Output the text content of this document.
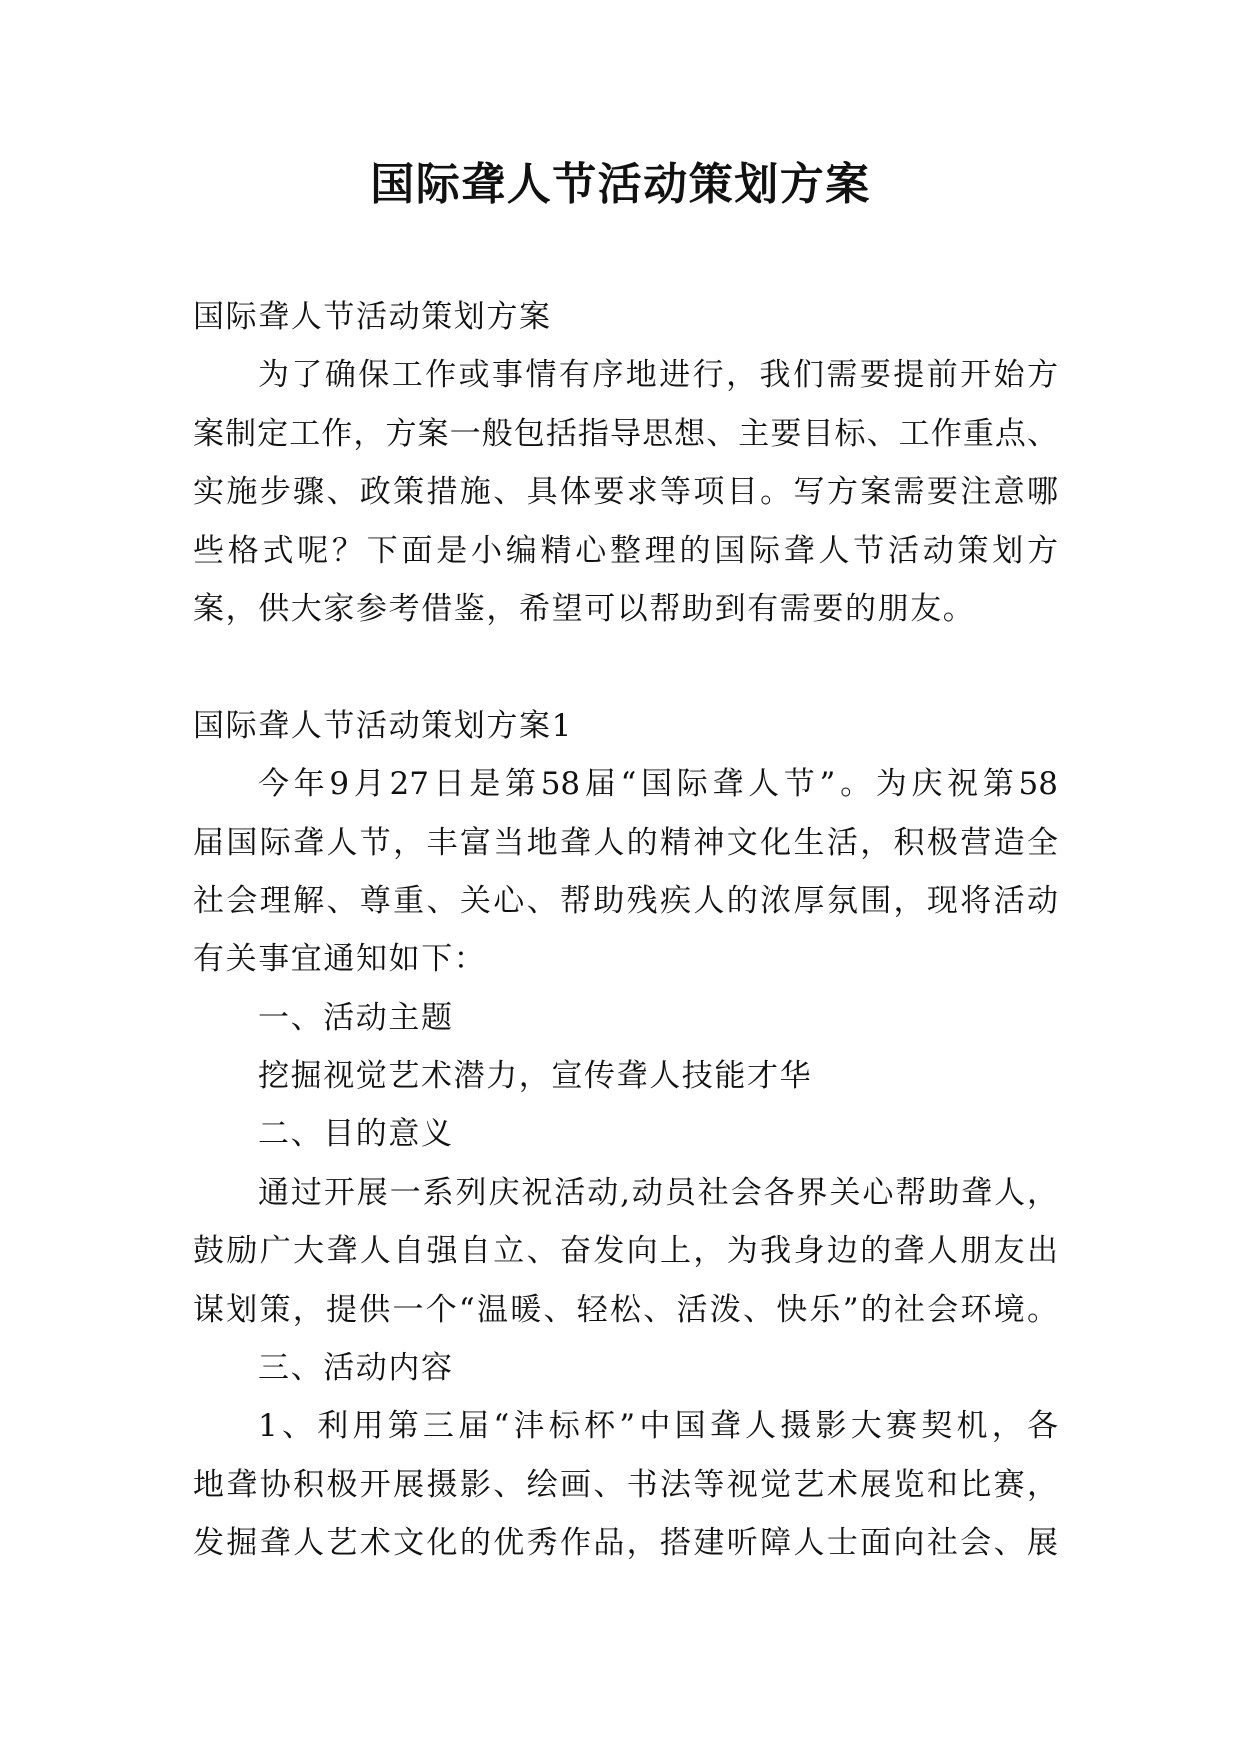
国际聋人节活动策划方案
国际聋人节活动策划方案
为了确保工作或事情有序地进行，我们需要提前开始方
案制定工作，方案一般包括指导思想、主要目标、工作重点、
实施步骤、政策措施、具体要求等项目。写方案需要注意哪
些格式呢？下面是小编精心整理的国际聋人节活动策划方
案，供大家参考借鉴，希望可以帮助到有需要的朋友。
国际聋人节活动策划方案1
今年9月27日是第58届“国际聋人节”。为庆祝第58
届国际聋人节，丰富当地聋人的精神文化生活，积极营造全
社会理解、尊重、关心、帮助残疾人的浓厚氛围，现将活动
有关事宜通知如下：
一、活动主题
挖掘视觉艺术潜力，宣传聋人技能才华
二、目的意义
通过开展一系列庆祝活动,动员社会各界关心帮助聋人，
鼓励广大聋人自强自立、奋发向上，为我身边的聋人朋友出
谋划策，提供一个“温暖、轻松、活泼、快乐”的社会环境。
三、活动内容
1、利用第三届“沣标杯”中国聋人摄影大赛契机，各
地聋协积极开展摄影、绘画、书法等视觉艺术展览和比赛，
发掘聋人艺术文化的优秀作品，搭建听障人士面向社会、展
